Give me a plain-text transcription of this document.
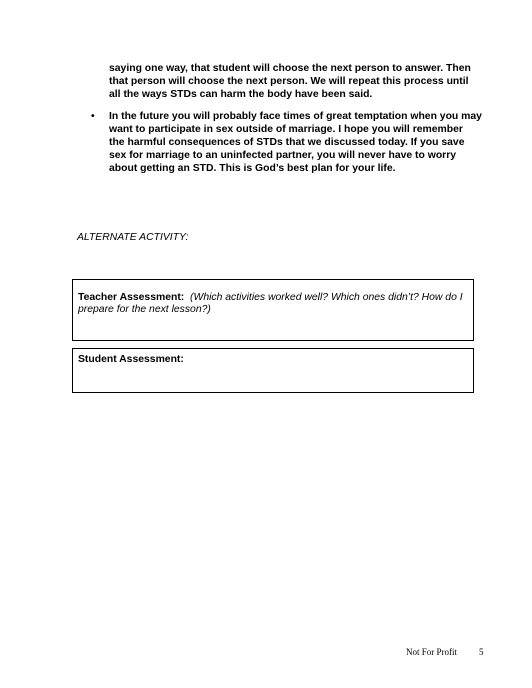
saying one way, that student will choose the next person to answer. Then
that person will choose the next person. We will repeat this process until
all the ways STDs can harm the body have been said.
• In the future you will probably face times of great temptation when you may
want to participate in sex outside of marriage. I hope you will remember
the harmful consequences of STDs that we discussed today. If you save
sex for marriage to an uninfected partner, you will never have to worry
about getting an STD. This is God’s best plan for your life.
ALTERNATE ACTIVITY:
Teacher Assessment: (Which activities worked well? Which ones didn’t? How do I prepare for the next lesson?)
Student Assessment:
Not For Profit 5
